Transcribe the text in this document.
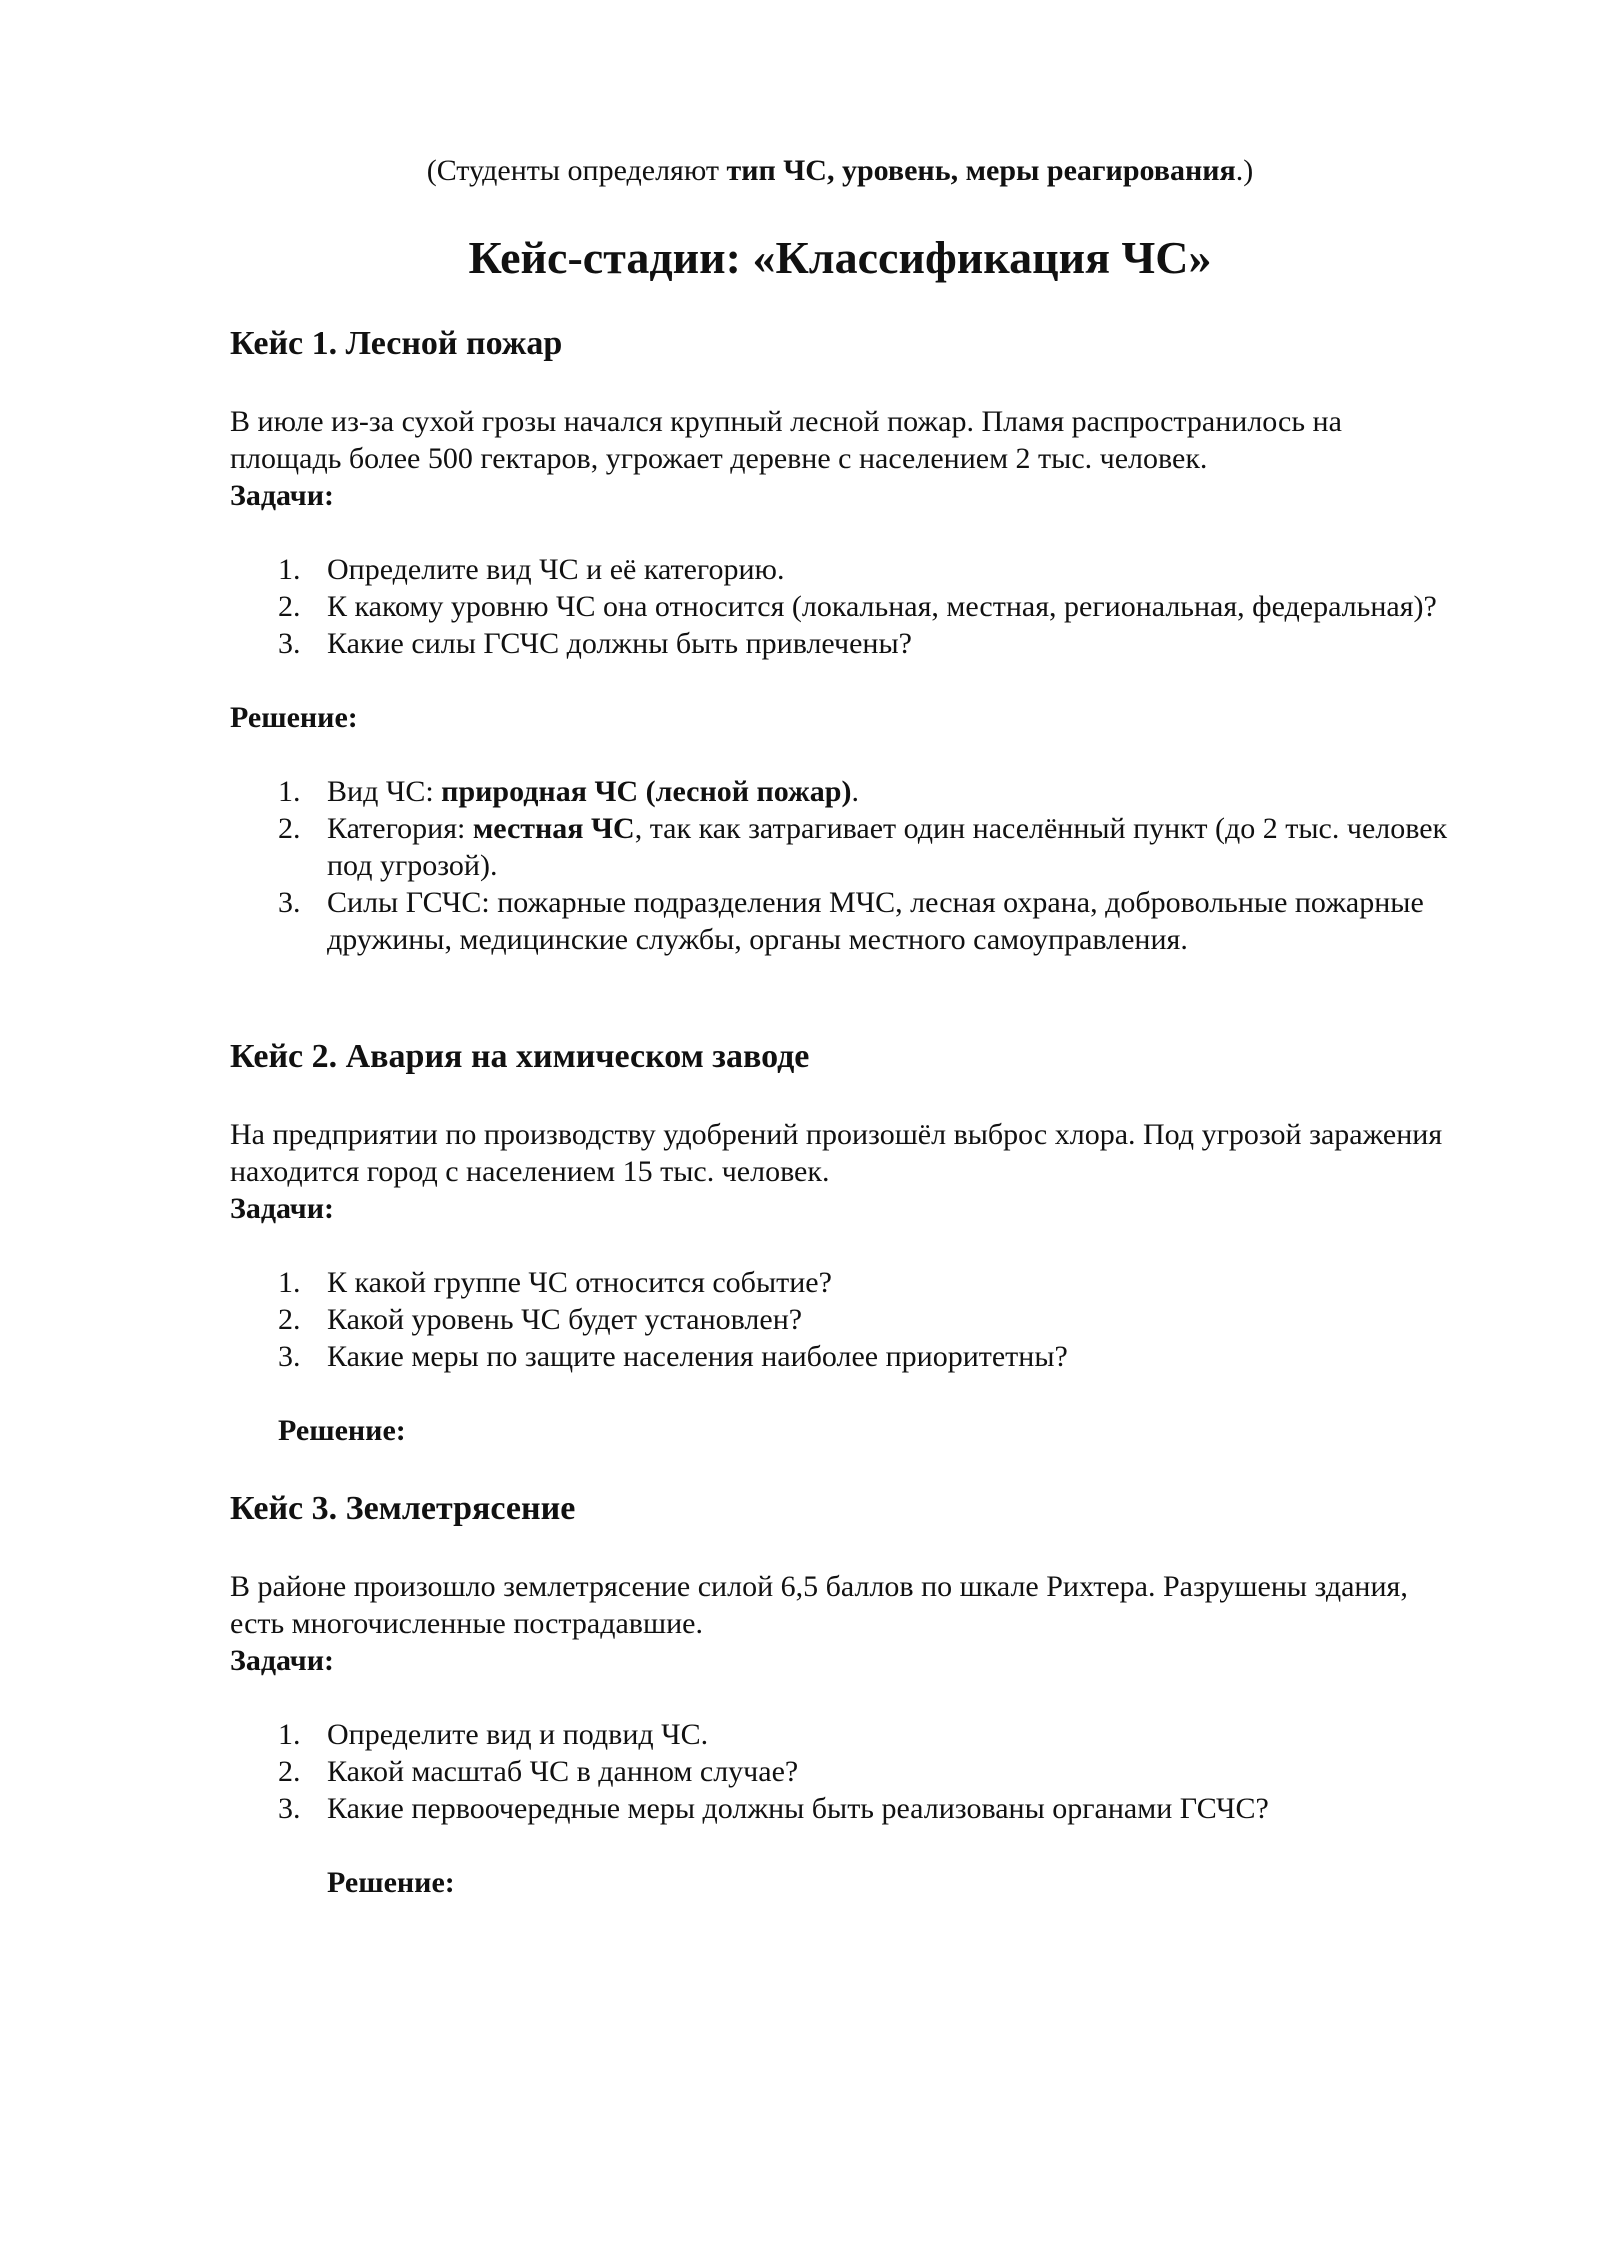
(Студенты определяют тип ЧС, уровень, меры реагирования.)
Кейс-стадии: «Классификация ЧС»
Кейс 1. Лесной пожар

В июле из-за сухой грозы начался крупный лесной пожар. Пламя распространилось на площадь более 500 гектаров, угрожает деревне с населением 2 тыс. человек.

Задачи:

1. Определите вид ЧС и её категорию.
2. К какому уровню ЧС она относится (локальная, местная, региональная, федеральная)?
3. Какие силы ГСЧС должны быть привлечены?

Решение:

1. Вид ЧС: природная ЧС (лесной пожар).
2. Категория: местная ЧС, так как затрагивает один населённый пункт (до 2 тыс. человек под угрозой).
3. Силы ГСЧС: пожарные подразделения МЧС, лесная охрана, добровольные пожарные дружины, медицинские службы, органы местного самоуправления.
Кейс 2. Авария на химическом заводе

На предприятии по производству удобрений произошёл выброс хлора. Под угрозой заражения находится город с населением 15 тыс. человек.

Задачи:

1. К какой группе ЧС относится событие?
2. Какой уровень ЧС будет установлен?
3. Какие меры по защите населения наиболее приоритетны?

Решение:

Кейс 3. Землетрясение

В районе произошло землетрясение силой 6,5 баллов по шкале Рихтера. Разрушены здания, есть многочисленные пострадавшие.

Задачи:

1. Определите вид и подвид ЧС.
2. Какой масштаб ЧС в данном случае?
3. Какие первоочередные меры должны быть реализованы органами ГСЧС?

Решение:
